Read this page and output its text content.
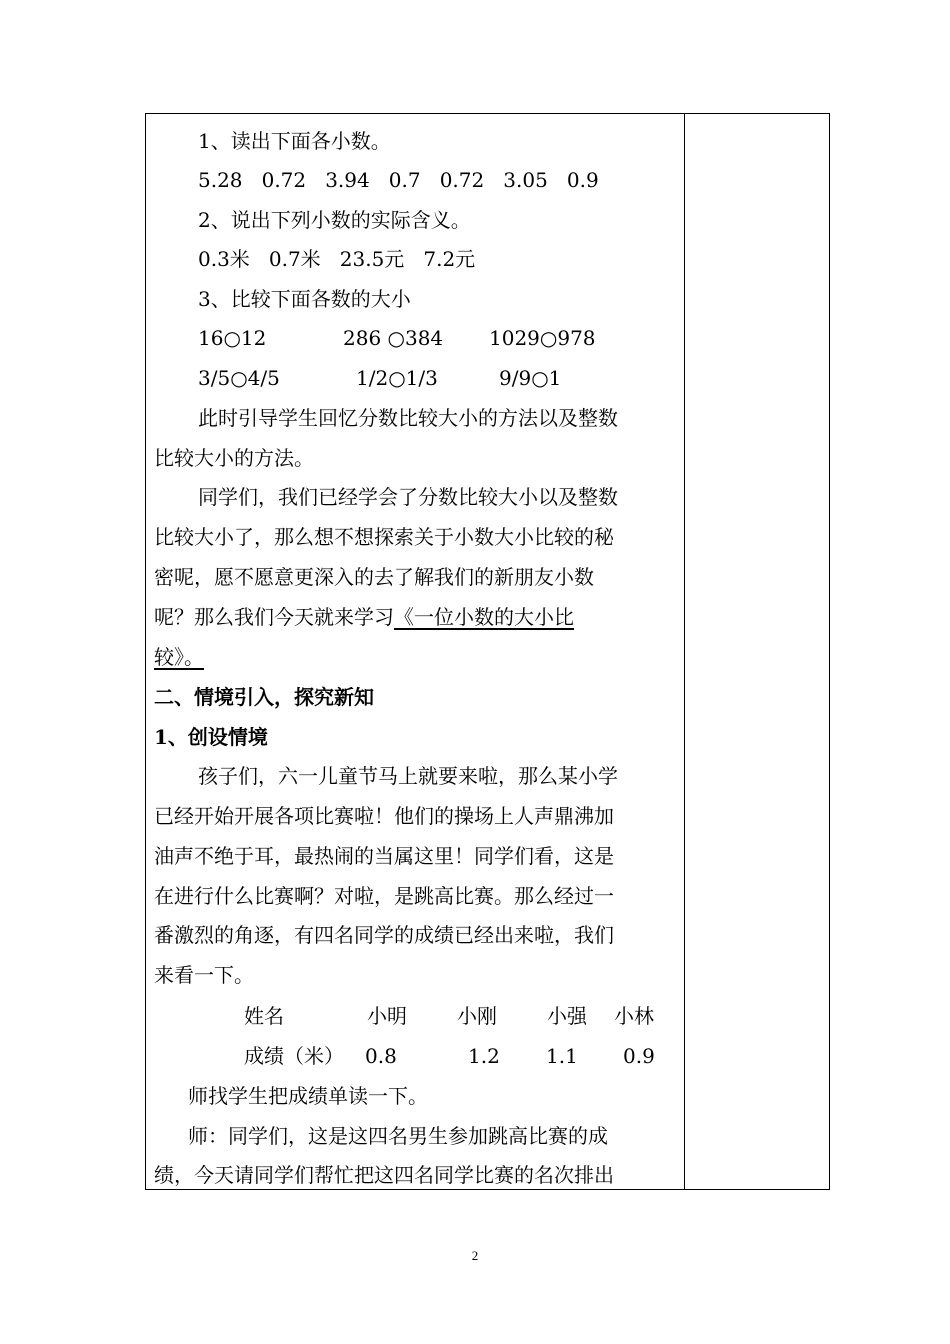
1、读出下面各小数。
5.28   0.72   3.94   0.7   0.72   3.05   0.9
2、说出下列小数的实际含义。
0.3米   0.7米   23.5元   7.2元
3、比较下面各数的大小
16○12	286 ○384 1029○978
3/5○4/5	1/2○1/3	9/9○1
此时引导学生回忆分数比较大小的方法以及整数
比较大小的方法。
同学们，我们已经学会了分数比较大小以及整数
比较大小了，那么想不想探索关于小数大小比较的秘
密呢，愿不愿意更深入的去了解我们的新朋友小数
呢？那么我们今天就来学习《一位小数的大小比
较》。
二、情境引入，探究新知
1、创设情境
孩子们，六一儿童节马上就要来啦，那么某小学
已经开始开展各项比赛啦！他们的操场上人声鼎沸加
油声不绝于耳，最热闹的当属这里！同学们看，这是
在进行什么比赛啊？对啦，是跳高比赛。那么经过一
番激烈的角逐，有四名同学的成绩已经出来啦，我们
来看一下。
姓名	小明	小刚	小强 小林
成绩（米） 0.8	1.2 1.1 0.9
师找学生把成绩单读一下。
师：同学们，这是这四名男生参加跳高比赛的成
绩，今天请同学们帮忙把这四名同学比赛的名次排出
2
